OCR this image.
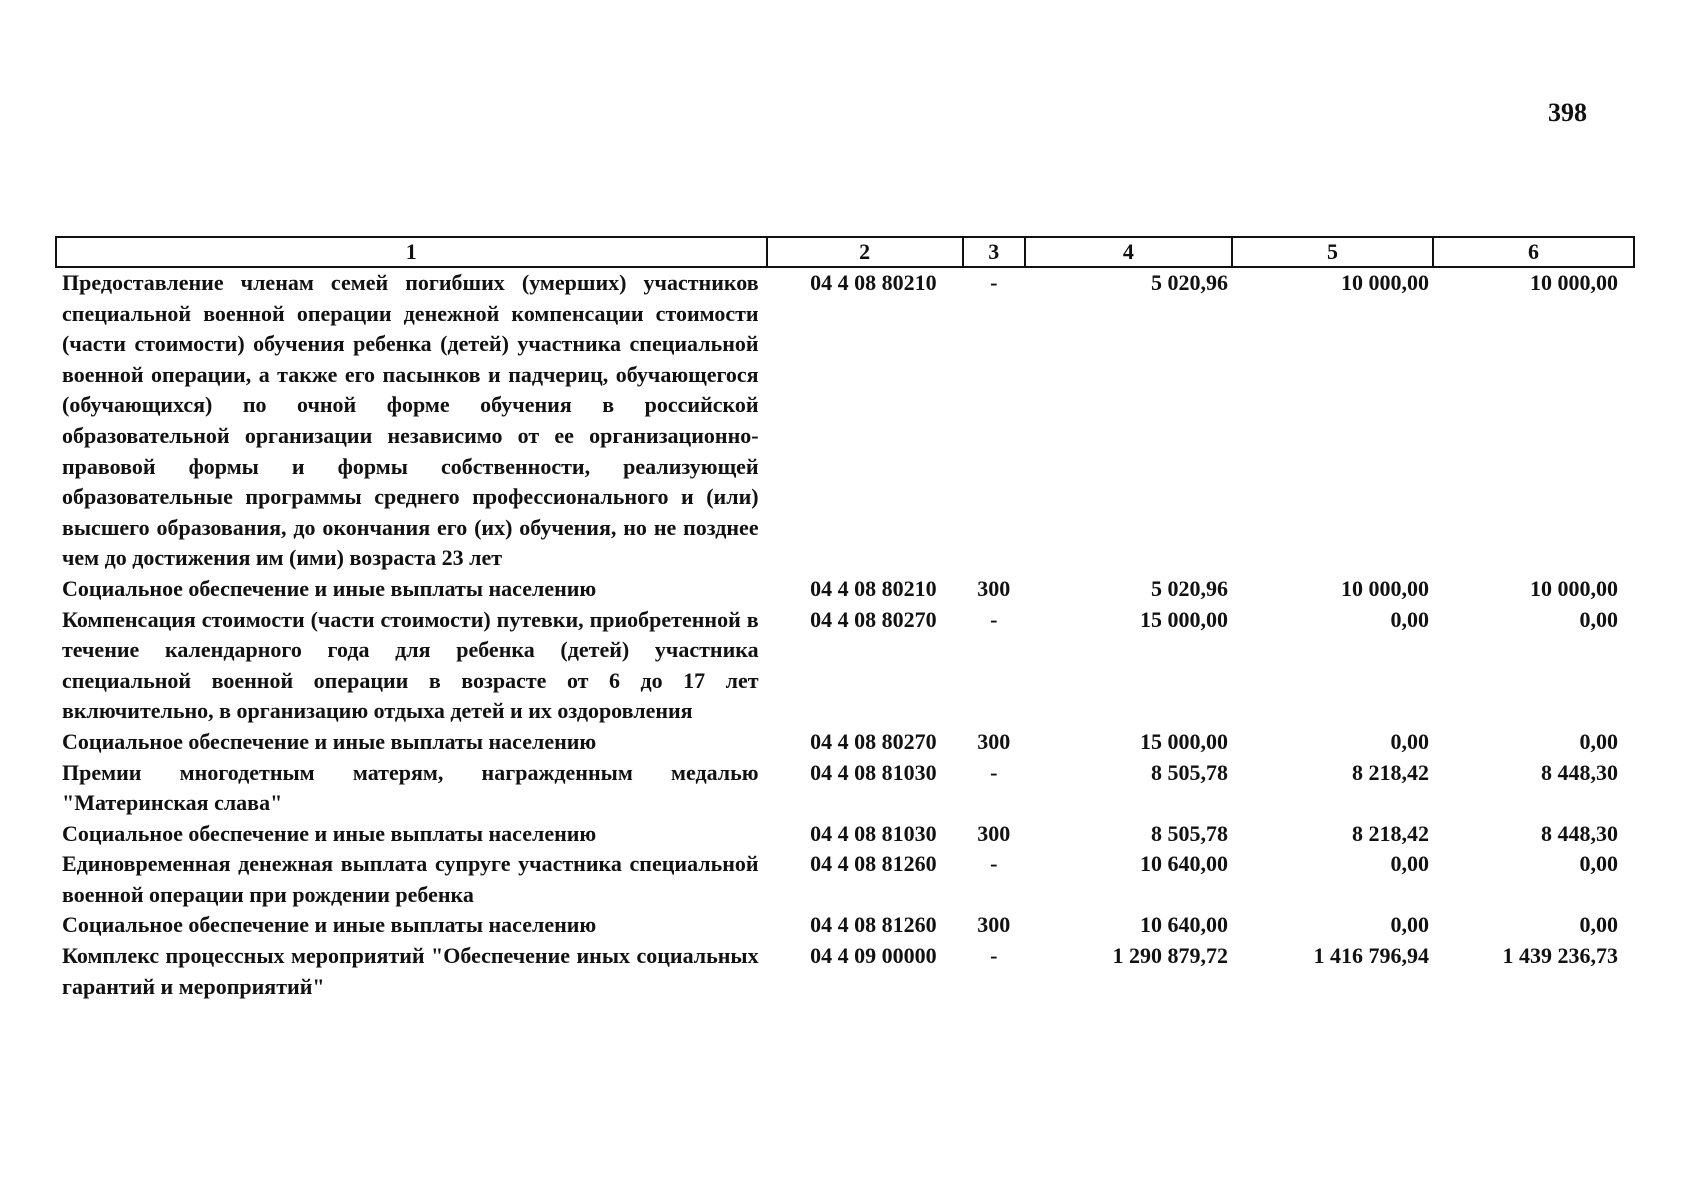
398
1	2	3	4	5	6
Предоставление членам семей погибших (умерших) участников специальной военной операции денежной компенсации стоимости (части стоимости) обучения ребенка (детей) участника специальной военной операции, а также его пасынков и падчериц, обучающегося (обучающихся) по очной форме обучения в российской образовательной организации независимо от ее организационно-правовой формы и формы собственности, реализующей образовательные программы среднего профессионального и (или) высшего образования, до окончания его (их) обучения, но не позднее чем до достижения им (ими) возраста 23 лет	04 4 08 80210	-	5 020,96	10 000,00	10 000,00
Социальное обеспечение и иные выплаты населению	04 4 08 80210	300	5 020,96	10 000,00	10 000,00
Компенсация стоимости (части стоимости) путевки, приобретенной в течение календарного года для ребенка (детей) участника специальной военной операции в возрасте от 6 до 17 лет включительно, в организацию отдыха детей и их оздоровления	04 4 08 80270	-	15 000,00	0,00	0,00
Социальное обеспечение и иные выплаты населению	04 4 08 80270	300	15 000,00	0,00	0,00
Премии многодетным матерям, награжденным медалью "Материнская слава"	04 4 08 81030	-	8 505,78	8 218,42	8 448,30
Социальное обеспечение и иные выплаты населению	04 4 08 81030	300	8 505,78	8 218,42	8 448,30
Единовременная денежная выплата супруге участника специальной военной операции при рождении ребенка	04 4 08 81260	-	10 640,00	0,00	0,00
Социальное обеспечение и иные выплаты населению	04 4 08 81260	300	10 640,00	0,00	0,00
Комплекс процессных мероприятий "Обеспечение иных социальных гарантий и мероприятий"	04 4 09 00000	-	1 290 879,72	1 416 796,94	1 439 236,73
